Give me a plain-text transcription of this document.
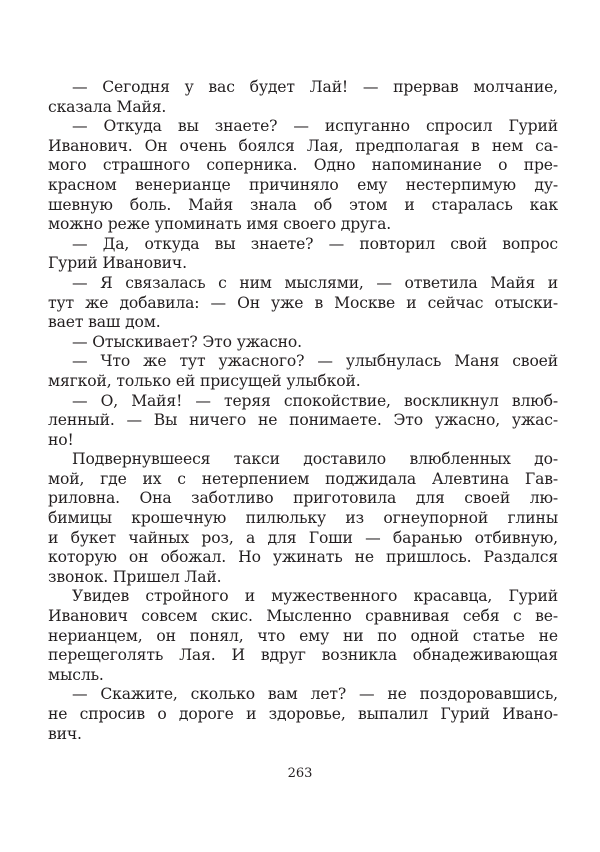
— Сегодня у вас будет Лай! — прервав молчание,
сказала Майя.
— Откуда вы знаете? — испуганно спросил Гурий
Иванович. Он очень боялся Лая, предполагая в нем са-
мого страшного соперника. Одно напоминание о пре-
красном венерианце причиняло ему нестерпимую ду-
шевную боль. Майя знала об этом и старалась как
можно реже упоминать имя своего друга.
— Да, откуда вы знаете? — повторил свой вопрос
Гурий Иванович.
— Я связалась с ним мыслями, — ответила Майя и
тут же добавила: — Он уже в Москве и сейчас отыски-
вает ваш дом.
— Отыскивает? Это ужасно.
— Что же тут ужасного? — улыбнулась Маня своей
мягкой, только ей присущей улыбкой.
— О, Майя! — теряя спокойствие, воскликнул влюб-
ленный. — Вы ничего не понимаете. Это ужасно, ужас-
но!
Подвернувшееся такси доставило влюбленных до-
мой, где их с нетерпением поджидала Алевтина Гав-
риловна. Она заботливо приготовила для своей лю-
бимицы крошечную пилюльку из огнеупорной глины
и букет чайных роз, а для Гоши — баранью отбивную,
которую он обожал. Но ужинать не пришлось. Раздался
звонок. Пришел Лай.
Увидев стройного и мужественного красавца, Гурий
Иванович совсем скис. Мысленно сравнивая себя с ве-
нерианцем, он понял, что ему ни по одной статье не
перещеголять Лая. И вдруг возникла обнадеживающая
мысль.
— Скажите, сколько вам лет? — не поздоровавшись,
не спросив о дороге и здоровье, выпалил Гурий Ивано-
вич.
263
